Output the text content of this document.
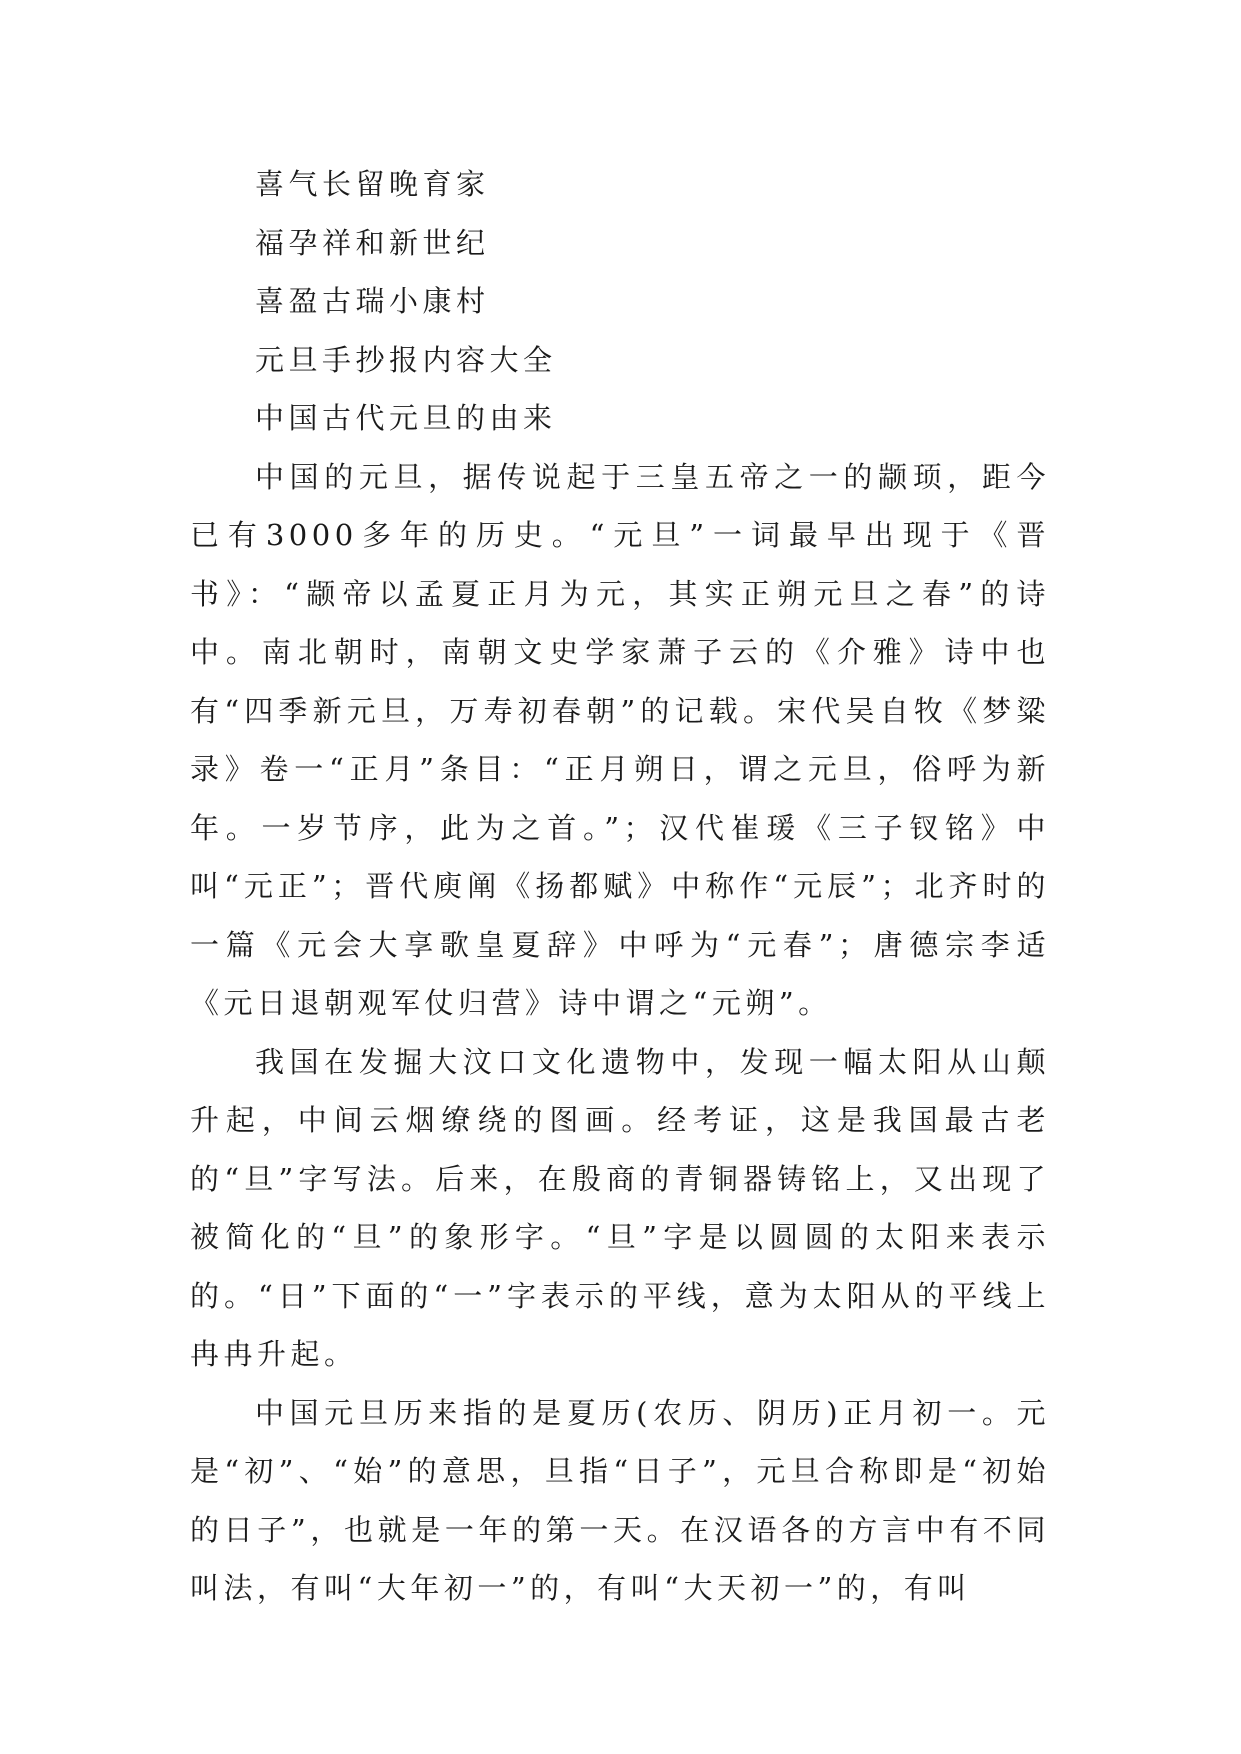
喜气长留晚育家

福孕祥和新世纪

喜盈古瑞小康村

元旦手抄报内容大全

中国古代元旦的由来

中国的元旦，据传说起于三皇五帝之一的颛顼，距今已有3000多年的历史。“元旦”一词最早出现于《晋书》：“颛帝以孟夏正月为元，其实正朔元旦之春”的诗中。南北朝时，南朝文史学家萧子云的《介雅》诗中也有“四季新元旦，万寿初春朝”的记载。宋代吴自牧《梦粱录》卷一“正月”条目：“正月朔日，谓之元旦，俗呼为新年。一岁节序，此为之首。”；汉代崔瑗《三子钗铭》中叫“元正”；晋代庾阐《扬都赋》中称作“元辰”；北齐时的一篇《元会大享歌皇夏辞》中呼为“元春”；唐德宗李适《元日退朝观军仗归营》诗中谓之“元朔”。

我国在发掘大汶口文化遗物中，发现一幅太阳从山颠升起，中间云烟缭绕的图画。经考证，这是我国最古老的“旦”字写法。后来，在殷商的青铜器铸铭上，又出现了被简化的“旦”的象形字。“旦”字是以圆圆的太阳来表示的。“日”下面的“一”字表示的平线，意为太阳从的平线上冉冉升起。

中国元旦历来指的是夏历(农历、阴历)正月初一。元是“初”、“始”的意思，旦指“日子”，元旦合称即是“初始的日子”，也就是一年的第一天。在汉语各的方言中有不同叫法，有叫“大年初一”的，有叫“大天初一”的，有叫
